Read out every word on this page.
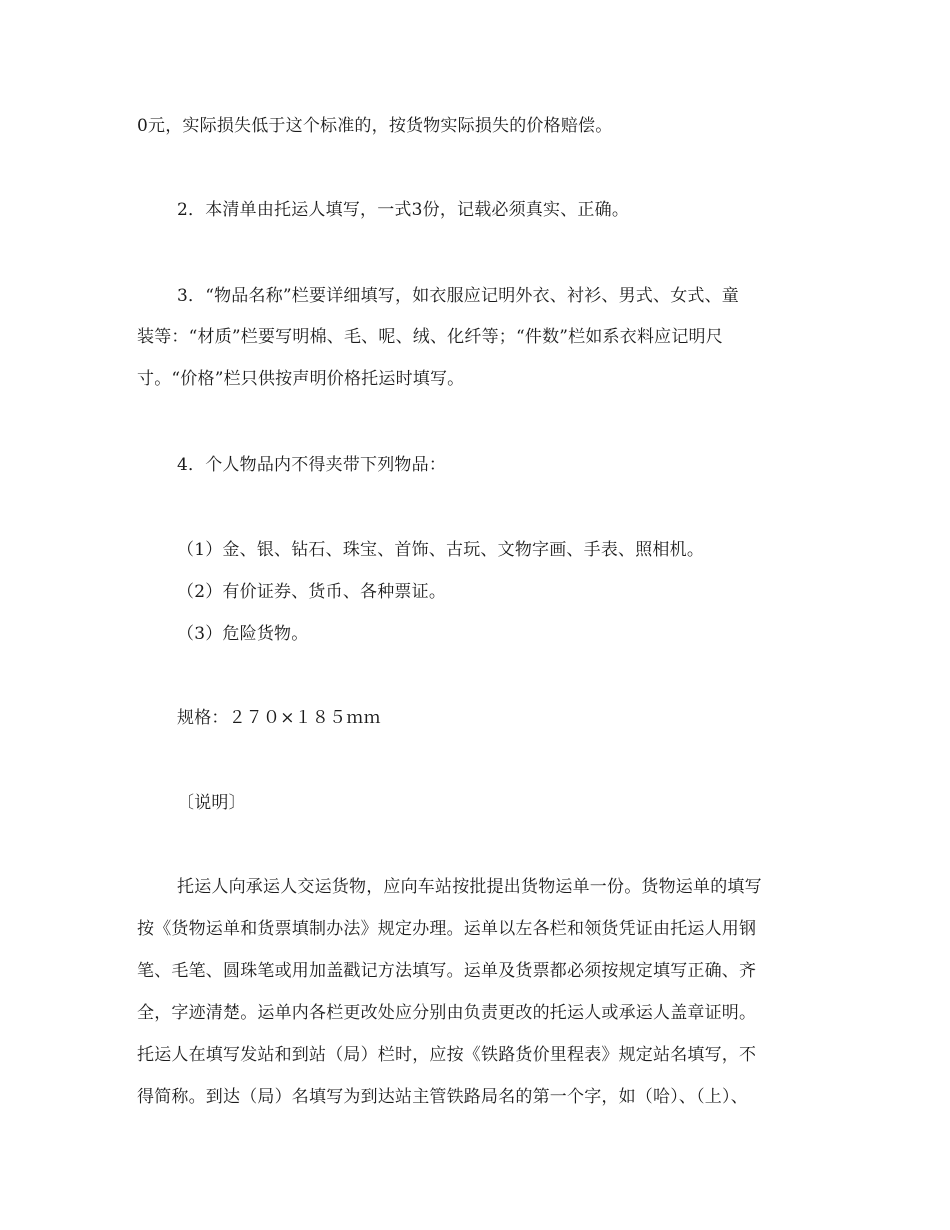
0元，实际损失低于这个标准的，按货物实际损失的价格赔偿。
2．本清单由托运人填写，一式3份，记载必须真实、正确。
3．“物品名称”栏要详细填写，如衣服应记明外衣、衬衫、男式、女式、童
装等：“材质”栏要写明棉、毛、呢、绒、化纤等；“件数”栏如系衣料应记明尺
寸。“价格”栏只供按声明价格托运时填写。
4．个人物品内不得夹带下列物品：
（1）金、银、钻石、珠宝、首饰、古玩、文物字画、手表、照相机。
（2）有价证券、货币、各种票证。
（3）危险货物。
规格：２７０×１８５ｍｍ
〔说明〕
托运人向承运人交运货物，应向车站按批提出货物运单一份。货物运单的填写
按《货物运单和货票填制办法》规定办理。运单以左各栏和领货凭证由托运人用钢
笔、毛笔、圆珠笔或用加盖戳记方法填写。运单及货票都必须按规定填写正确、齐
全，字迹清楚。运单内各栏更改处应分别由负责更改的托运人或承运人盖章证明。
托运人在填写发站和到站（局）栏时，应按《铁路货价里程表》规定站名填写，不
得简称。到达（局）名填写为到达站主管铁路局名的第一个字，如（哈）、（上）、
